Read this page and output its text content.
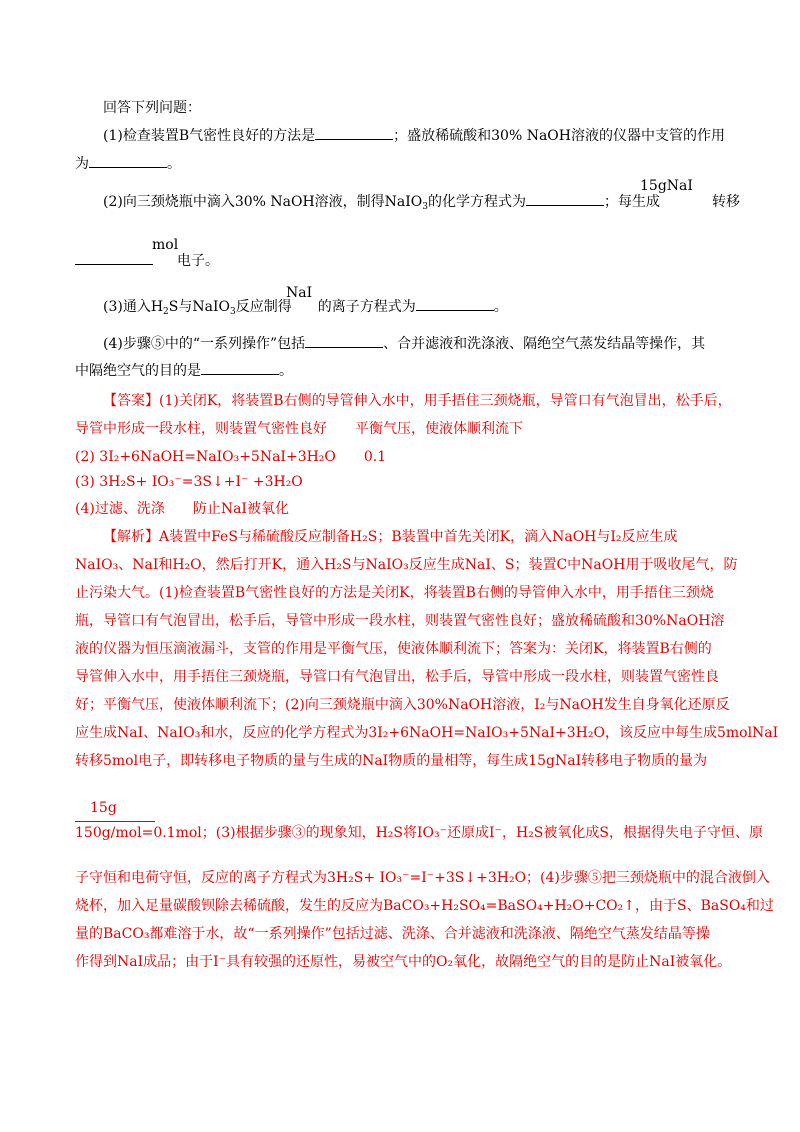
回答下列问题：
(1)检查装置B气密性良好的方法是	；盛放稀硫酸和30% NaOH溶液的仪器中支管的作用
为	。
(2)向三颈烧瓶中滴入30% NaOH溶液，制得NaIO$_3$的化学方程式为	；每生成	转移
15gNaI
mol
电子。
NaI
(3)通入$H_2S$与NaIO$_3$反应制得 的离子方程式为	。
(4)步骤⑤中的“一系列操作”包括	、合并滤液和洗涤液、隔绝空气蒸发结晶等操作，其
中隔绝空气的目的是	。
【答案】(1)关闭K，将装置B右侧的导管伸入水中，用手捂住三颈烧瓶，导管口有气泡冒出，松手后，
导管中形成一段水柱，则装置气密性良好　　平衡气压，使液体顺利流下
(2) 3I₂+6NaOH=NaIO₃+5NaI+3H₂O　　0.1
(3) 3H₂S+ IO₃⁻=3S↓+I⁻ +3H₂O
(4)过滤、洗涤　　防止NaI被氧化
【解析】A装置中FeS与稀硫酸反应制备H₂S；B装置中首先关闭K，滴入NaOH与I₂反应生成
NaIO₃、NaI和H₂O，然后打开K，通入H₂S与NaIO₃反应生成NaI、S；装置C中NaOH用于吸收尾气，防
止污染大气。(1)检查装置B气密性良好的方法是关闭K，将装置B右侧的导管伸入水中，用手捂住三颈烧
瓶，导管口有气泡冒出，松手后，导管中形成一段水柱，则装置气密性良好；盛放稀硫酸和30%NaOH溶
液的仪器为恒压滴液漏斗，支管的作用是平衡气压，使液体顺利流下；答案为：关闭K，将装置B右侧的
导管伸入水中，用手捂住三颈烧瓶，导管口有气泡冒出，松手后，导管中形成一段水柱，则装置气密性良
好；平衡气压，使液体顺利流下；(2)向三颈烧瓶中滴入30%NaOH溶液，I₂与NaOH发生自身氧化还原反
应生成NaI、NaIO₃和水，反应的化学方程式为3I₂+6NaOH=NaIO₃+5NaI+3H₂O，该反应中每生成5molNaI
转移5mol电子，即转移电子物质的量与生成的NaI物质的量相等，每生成15gNaI转移电子物质的量为
15g
150g/mol=0.1mol；(3)根据步骤③的现象知，H₂S将IO₃⁻还原成I⁻，H₂S被氧化成S，根据得失电子守恒、原
子守恒和电荷守恒，反应的离子方程式为3H₂S+ IO₃⁻=I⁻+3S↓+3H₂O；(4)步骤⑤把三颈烧瓶中的混合液倒入
烧杯，加入足量碳酸钡除去稀硫酸，发生的反应为BaCO₃+H₂SO₄=BaSO₄+H₂O+CO₂↑，由于S、BaSO₄和过
量的BaCO₃都难溶于水，故“一系列操作”包括过滤、洗涤、合并滤液和洗涤液、隔绝空气蒸发结晶等操
作得到NaI成品；由于I⁻具有较强的还原性，易被空气中的O₂氧化，故隔绝空气的目的是防止NaI被氧化。
